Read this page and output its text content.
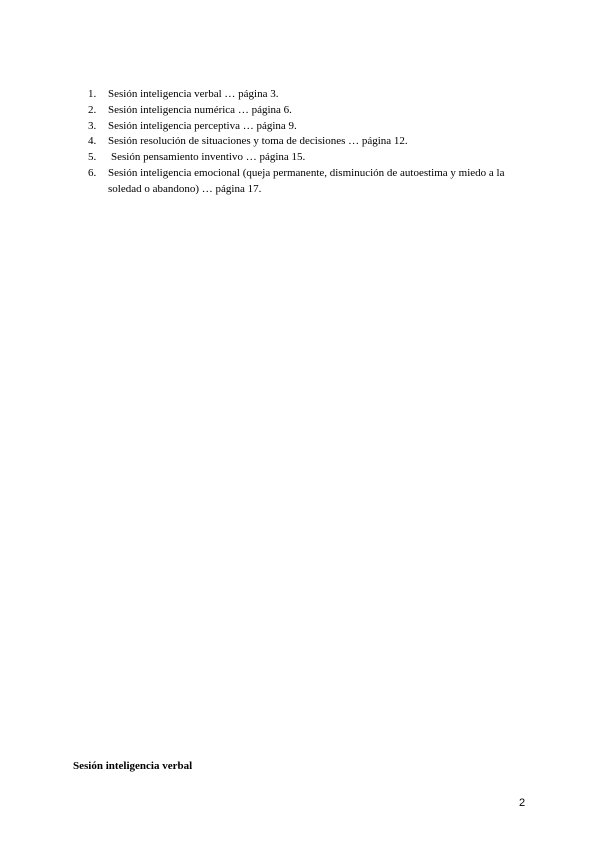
1. Sesión inteligencia verbal … página 3.
2. Sesión inteligencia numérica … página 6.
3. Sesión inteligencia perceptiva … página 9.
4. Sesión resolución de situaciones y toma de decisiones … página 12.
5. Sesión pensamiento inventivo … página 15.
6. Sesión inteligencia emocional (queja permanente, disminución de autoestima y miedo a la soledad o abandono) … página 17.

Sesión inteligencia verbal

2
